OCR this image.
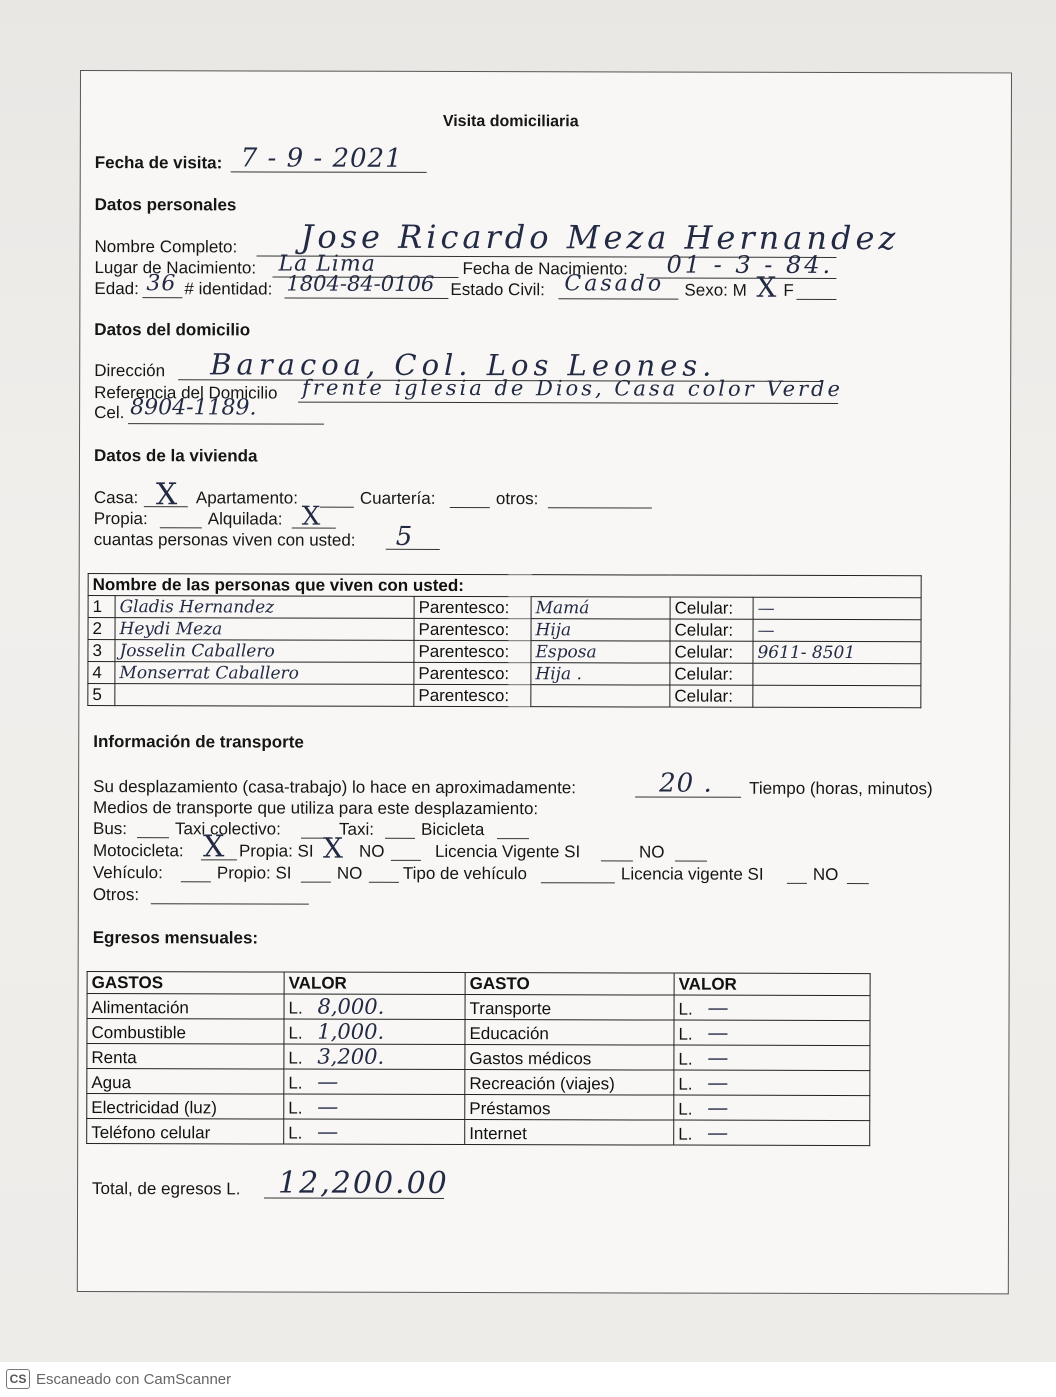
Visita domiciliaria
Fecha de visita: 7 - 9 - 2021
Datos personales
Nombre Completo: Jose Ricardo Meza Hernandez
Lugar de Nacimiento: La Lima	Fecha de Nacimiento: 01 - 3 - 84.
Edad: 36 # identidad: 1804-84-0106 Estado Civil: Casado Sexo: M X F
Datos del domicilio
Dirección Baracoa, Col. Los Leones.
Referencia del Domicilio frente iglesia de Dios, Casa color Verde
Cel. 8904-1189.
Datos de la vivienda
Casa: X Apartamento:	Cuartería:	otros:
Propia:	Alquilada: X
cuantas personas viven con usted: 5
Nombre de las personas que viven con usted:					
1	Gladis Hernandez	Parentesco:	Mamá	Celular:	—
2	Heydi Meza	Parentesco:	Hija	Celular:	—
3	Josselin Caballero	Parentesco:	Esposa	Celular:	9611- 8501
4	Monserrat Caballero	Parentesco:	Hija .	Celular:	
5		Parentesco:		Celular:	
Información de transporte
Su desplazamiento (casa-trabajo) lo hace en aproximadamente:	20 . Tiempo (horas, minutos)
Medios de transporte que utiliza para este desplazamiento:
Bus:	Taxi colectivo:	Taxi:	Bicicleta
Motocicleta: X Propia: SI X NO	Licencia Vigente SI	NO
Vehículo:	Propio: SI	NO Tipo de vehículo	Licencia vigente SI	NO
Otros:
Egresos mensuales:
GASTOS	VALOR	GASTO	VALOR
Alimentación	L. 8,000.	Transporte	L. —
Combustible	L. 1,000.	Educación	L. —
Renta	L. 3,200.	Gastos médicos	L. —
Agua	L. —	Recreación (viajes)	L. —
Electricidad (luz)	L. —	Préstamos	L. —
Teléfono celular	L. —	Internet	L. —
Total, de egresos L. 12,200.00
CS Escaneado con CamScanner
